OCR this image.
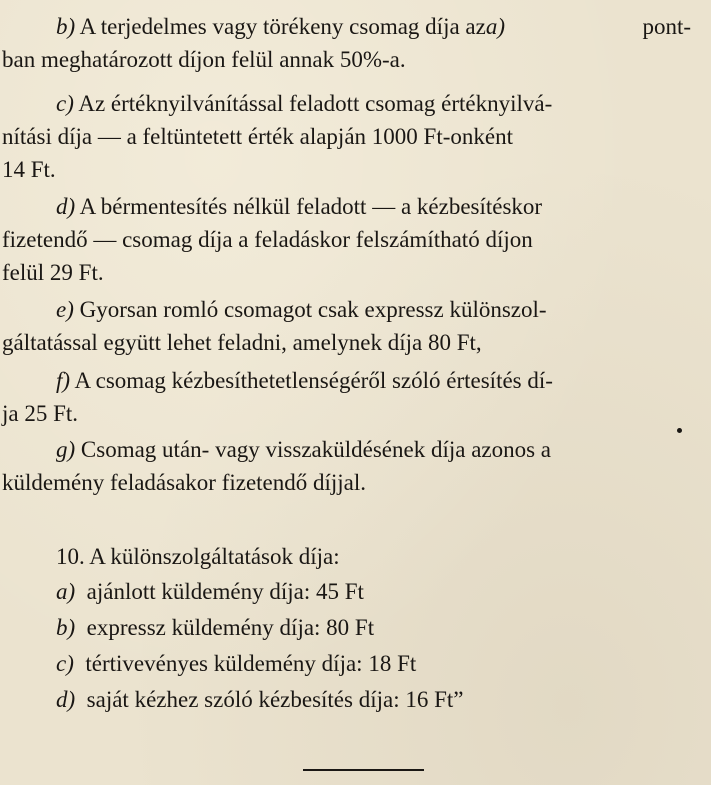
b) A terjedelmes vagy törékeny csomag díja aza)	pont-
ban meghatározott díjon felül annak 50%-a.
c) Az értéknyilvánítással feladott csomag értéknyilvá-
nítási díja — a feltüntetett érték alapján 1000 Ft-onként
14 Ft.
d) A bérmentesítés nélkül feladott — a kézbesítéskor
fizetendő — csomag díja a feladáskor felszámítható díjon
felül 29 Ft.
e) Gyorsan romló csomagot csak expressz különszol-
gáltatással együtt lehet feladni, amelynek díja 80 Ft,
f) A csomag kézbesíthetetlenségéről szóló értesítés dí-
ja 25 Ft.
g) Csomag után- vagy visszaküldésének díja azonos a
küldemény feladásakor fizetendő díjjal.
10. A különszolgáltatások díja:
a) ajánlott küldemény díja: 45 Ft
b) expressz küldemény díja: 80 Ft
c) tértivevényes küldemény díja: 18 Ft
d) saját kézhez szóló kézbesítés díja: 16 Ft”
